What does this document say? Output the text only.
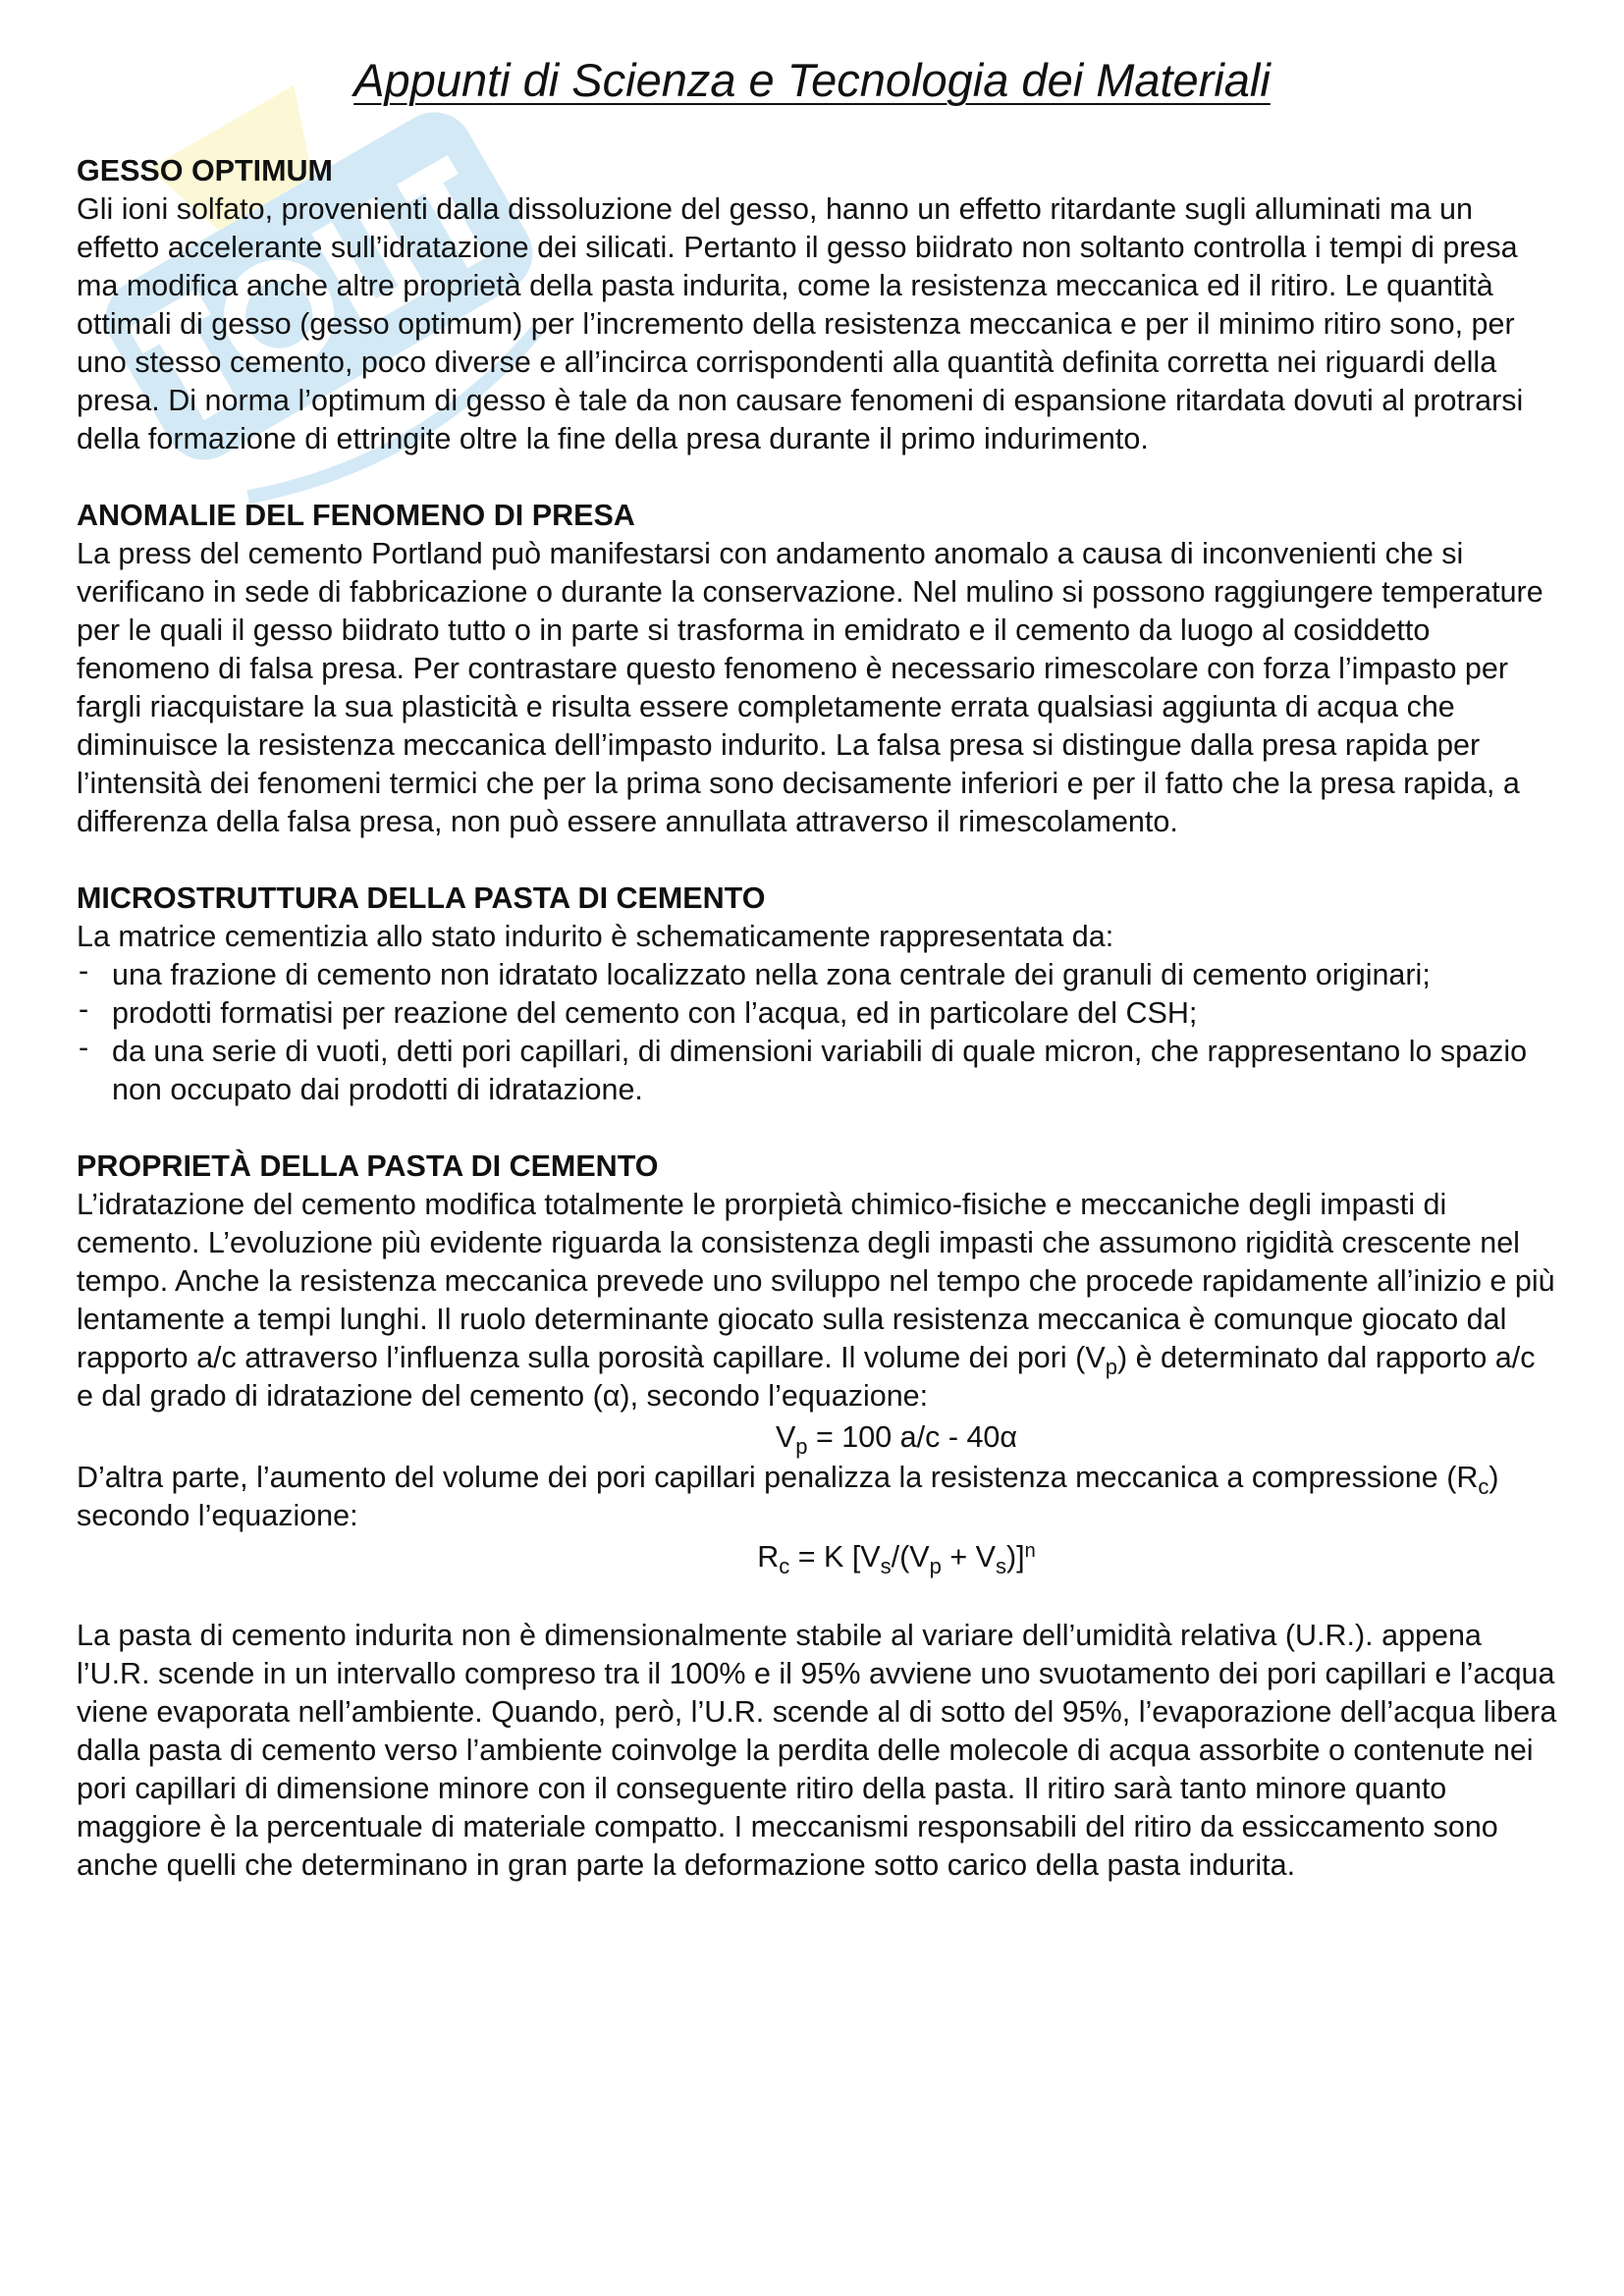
Appunti di Scienza e Tecnologia dei Materiali
GESSO OPTIMUM

Gli ioni solfato, provenienti dalla dissoluzione del gesso, hanno un effetto ritardante sugli alluminati ma un effetto accelerante sull’idratazione dei silicati. Pertanto il gesso biidrato non soltanto controlla i tempi di presa ma modifica anche altre proprietà della pasta indurita, come la resistenza meccanica ed il ritiro. Le quantità ottimali di gesso (gesso optimum) per l’incremento della resistenza meccanica e per il minimo ritiro sono, per uno stesso cemento, poco diverse e all’incirca corrispondenti alla quantità definita corretta nei riguardi della presa. Di norma l’optimum di gesso è tale da non causare fenomeni di espansione ritardata dovuti al protrarsi della formazione di ettringite oltre la fine della presa durante il primo indurimento.

ANOMALIE DEL FENOMENO DI PRESA

La press del cemento Portland può manifestarsi con andamento anomalo a causa di inconvenienti che si verificano in sede di fabbricazione o durante la conservazione. Nel mulino si possono raggiungere temperature per le quali il gesso biidrato tutto o in parte si trasforma in emidrato e il cemento da luogo al cosiddetto fenomeno di falsa presa. Per contrastare questo fenomeno è necessario rimescolare con forza l’impasto per fargli riacquistare la sua plasticità e risulta essere completamente errata qualsiasi aggiunta di acqua che diminuisce la resistenza meccanica dell’impasto indurito. La falsa presa si distingue dalla presa rapida per l’intensità dei fenomeni termici che per la prima sono decisamente inferiori e per il fatto che la presa rapida, a differenza della falsa presa, non può essere annullata attraverso il rimescolamento.

MICROSTRUTTURA DELLA PASTA DI CEMENTO

La matrice cementizia allo stato indurito è schematicamente rappresentata da:

- una frazione di cemento non idratato localizzato nella zona centrale dei granuli di cemento originari;
- prodotti formatisi per reazione del cemento con l’acqua, ed in particolare del CSH;
- da una serie di vuoti, detti pori capillari, di dimensioni variabili di quale micron, che rappresentano lo spazio non occupato dai prodotti di idratazione.
PROPRIETÀ DELLA PASTA DI CEMENTO

L’idratazione del cemento modifica totalmente le prorpietà chimico-fisiche e meccaniche degli impasti di cemento. L’evoluzione più evidente riguarda la consistenza degli impasti che assumono rigidità crescente nel tempo. Anche la resistenza meccanica prevede uno sviluppo nel tempo che procede rapidamente all’inizio e più lentamente a tempi lunghi. Il ruolo determinante giocato sulla resistenza meccanica è comunque giocato dal rapporto a/c attraverso l’influenza sulla porosità capillare. Il volume dei pori $(V_p)$ è determinato dal rapporto a/c e dal grado di idratazione del cemento (α), secondo l’equazione:

$V_p = 100$ a/c - 40α

D’altra parte, l’aumento del volume dei pori capillari penalizza la resistenza meccanica a compressione $(R_c)$ secondo l’equazione:

$R_c = K$ $[V_s/(V_p + V_s)]^n$

La pasta di cemento indurita non è dimensionalmente stabile al variare dell’umidità relativa (U.R.). appena l’U.R. scende in un intervallo compreso tra il 100% e il 95% avviene uno svuotamento dei pori capillari e l’acqua viene evaporata nell’ambiente. Quando, però, l’U.R. scende al di sotto del 95%, l’evaporazione dell’acqua libera dalla pasta di cemento verso l’ambiente coinvolge la perdita delle molecole di acqua assorbite o contenute nei pori capillari di dimensione minore con il conseguente ritiro della pasta. Il ritiro sarà tanto minore quanto maggiore è la percentuale di materiale compatto. I meccanismi responsabili del ritiro da essiccamento sono anche quelli che determinano in gran parte la deformazione sotto carico della pasta indurita.
